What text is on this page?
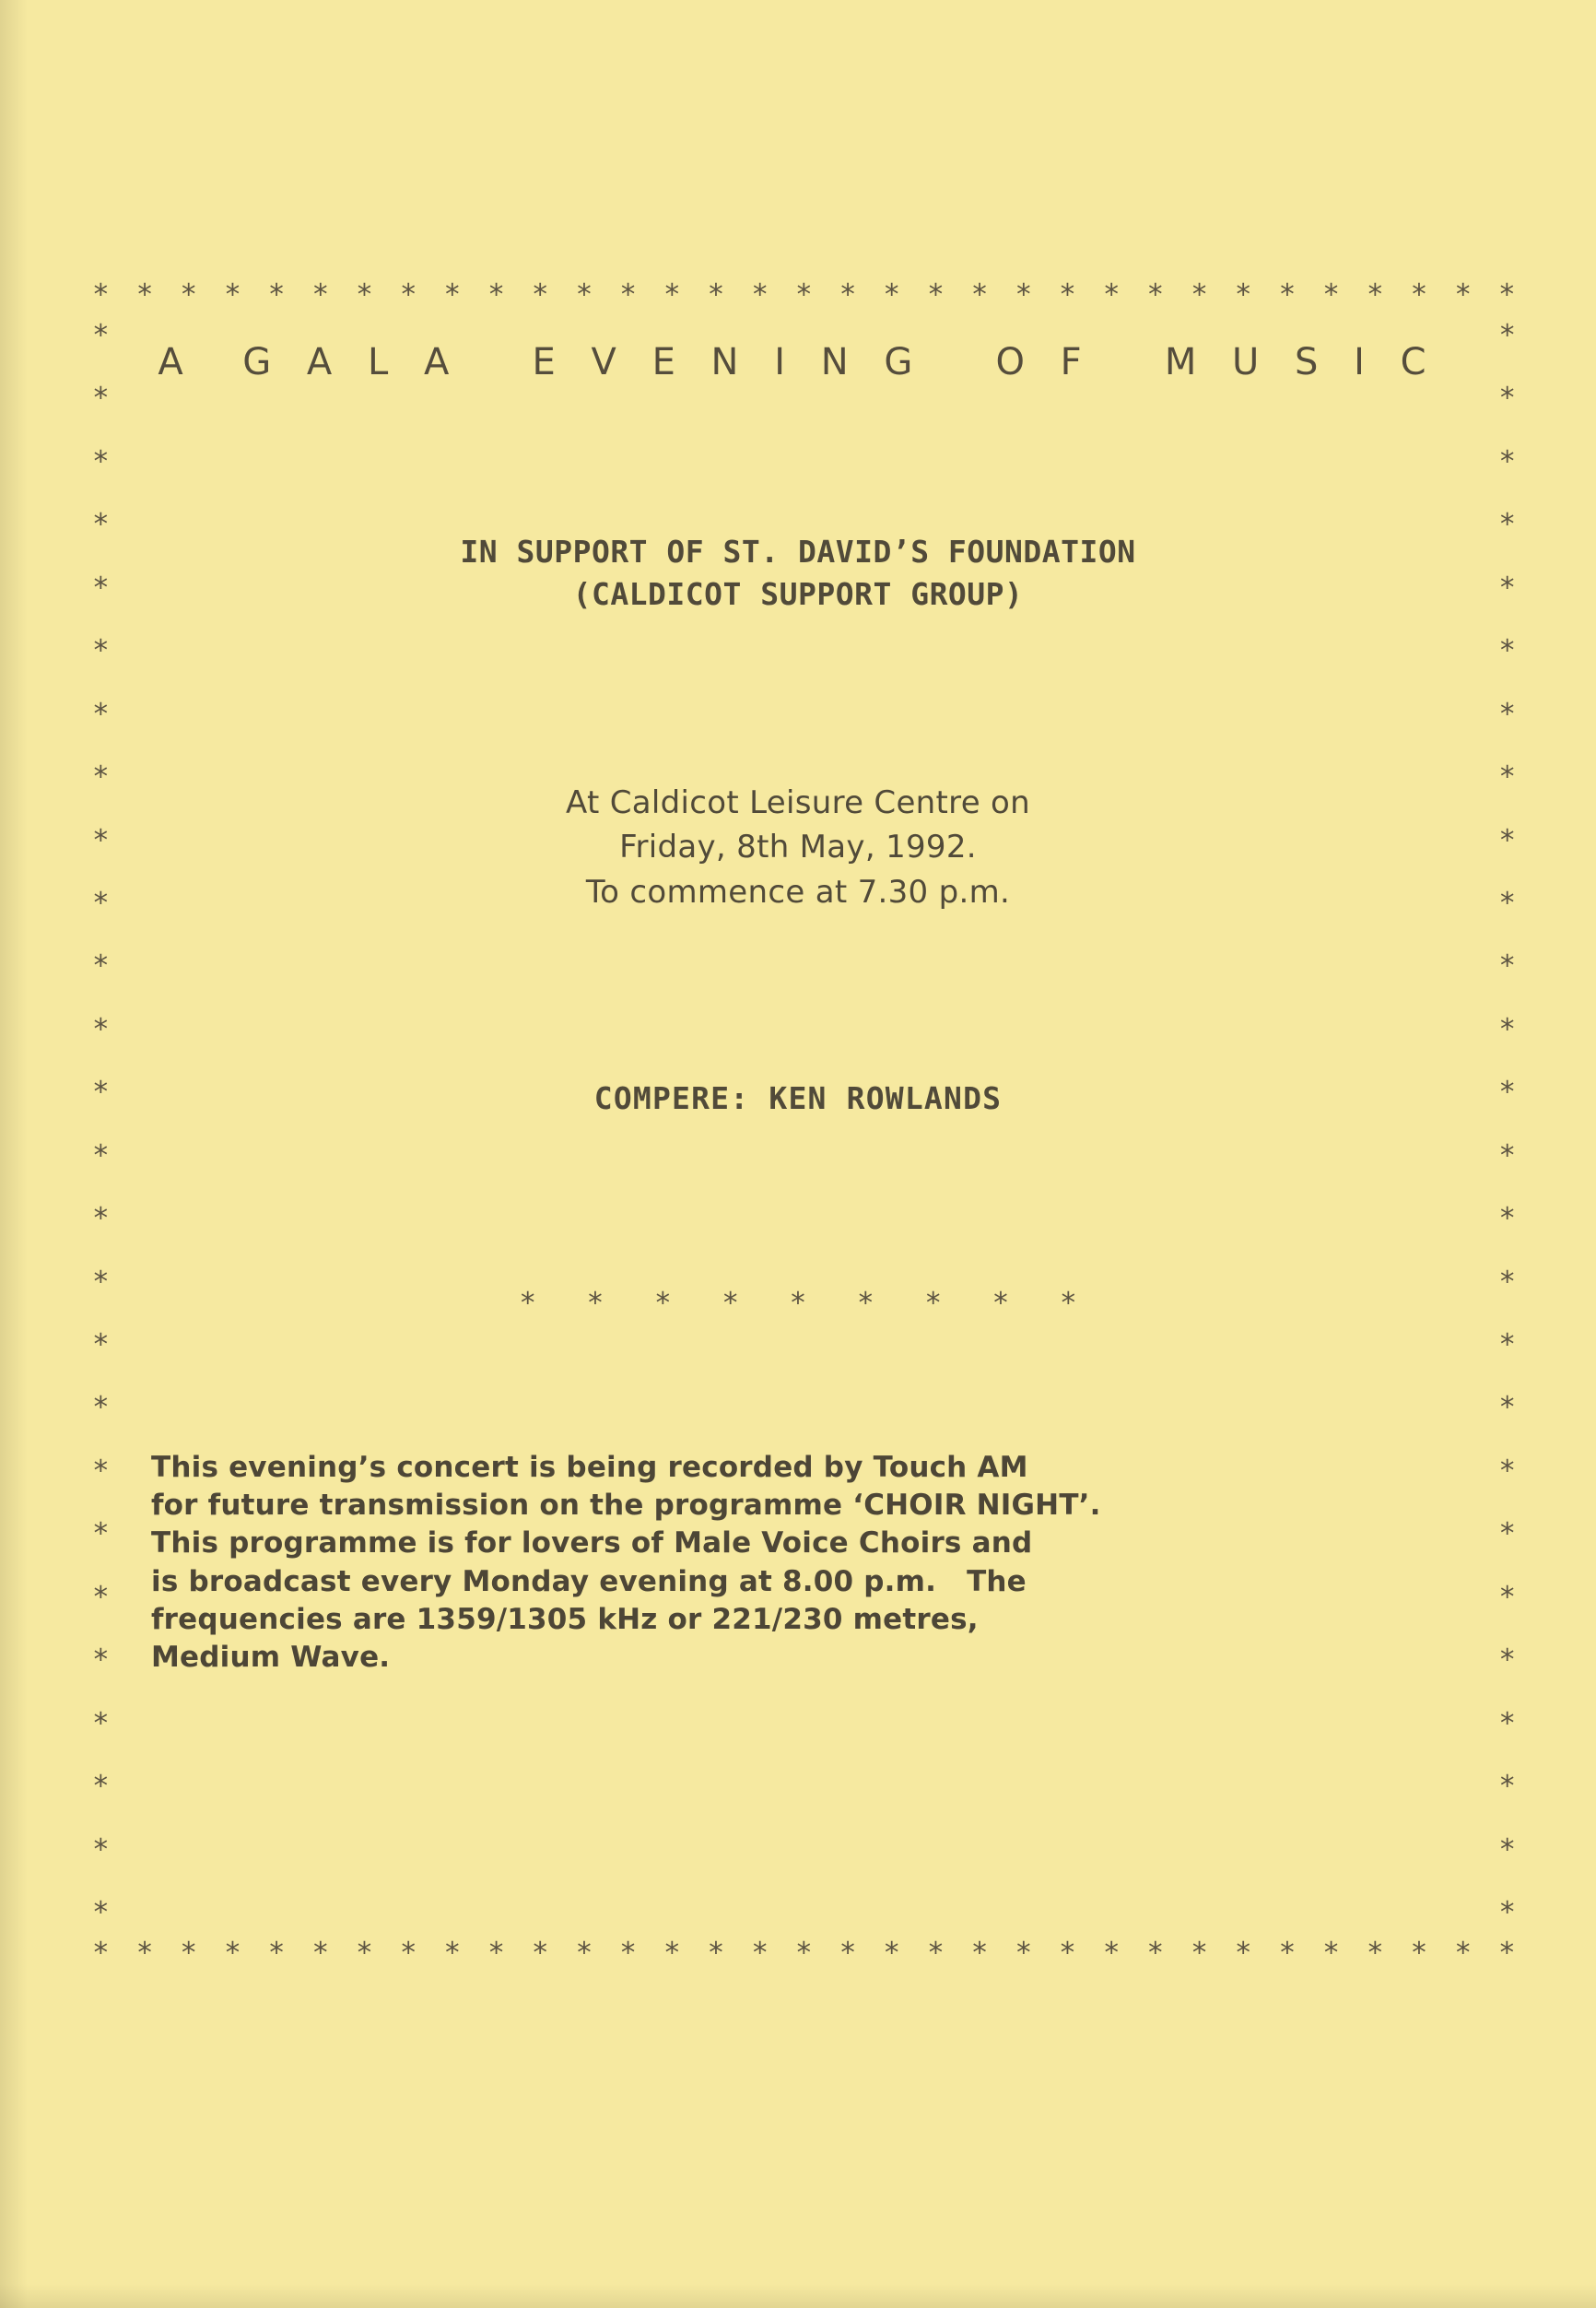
* * * * * * * * * * * * * * * * * * * * * * * * * * * * * * * * *
* * * * * * * * * * * * * * * * * * * * * * * * * * * * * * * * *
*
*
*
*
*
*
*
*
*
*
*
*
*
*
*
*
*
*
*
*
*
*
*
*
*
*
*
*
*
*
*
*
*
*
*
*
*
*
*
*
*
*
*
*
*
*
*
*
*
*
*
*
A  G A L A   E V E N I N G   O F   M U S I C
IN SUPPORT OF ST. DAVID’S FOUNDATION
(CALDICOT SUPPORT GROUP)
At Caldicot Leisure Centre on
Friday, 8th May, 1992.
To commence at 7.30 p.m.
COMPERE: KEN ROWLANDS
* * * * * * * * *
This evening’s concert is being recorded by Touch AM
for future transmission on the programme ‘CHOIR NIGHT’.
This programme is for lovers of Male Voice Choirs and
is broadcast every Monday evening at 8.00 p.m.   The
frequencies are 1359/1305 kHz or 221/230 metres,
Medium Wave.
